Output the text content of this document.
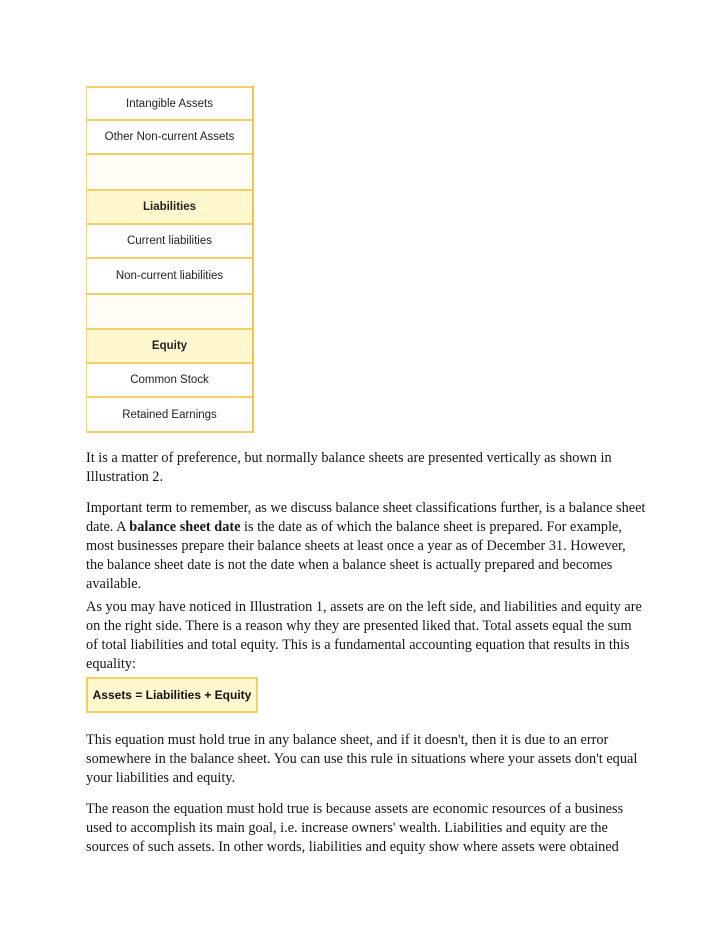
Intangible Assets
Other Non-current Assets
Liabilities
Current liabilities
Non-current liabilities
Equity
Common Stock
Retained Earnings

It is a matter of preference, but normally balance sheets are presented vertically as shown in Illustration 2.

Important term to remember, as we discuss balance sheet classifications further, is a balance sheet date. A balance sheet date is the date as of which the balance sheet is prepared. For example, most businesses prepare their balance sheets at least once a year as of December 31. However, the balance sheet date is not the date when a balance sheet is actually prepared and becomes available.

As you may have noticed in Illustration 1, assets are on the left side, and liabilities and equity are on the right side. There is a reason why they are presented liked that. Total assets equal the sum of total liabilities and total equity. This is a fundamental accounting equation that results in this equality:

Assets = Liabilities + Equity

This equation must hold true in any balance sheet, and if it doesn't, then it is due to an error somewhere in the balance sheet. You can use this rule in situations where your assets don't equal your liabilities and equity.

The reason the equation must hold true is because assets are economic resources of a business used to accomplish its main goal, i.e. increase owners' wealth. Liabilities and equity are the sources of such assets. In other words, liabilities and equity show where assets were obtained
